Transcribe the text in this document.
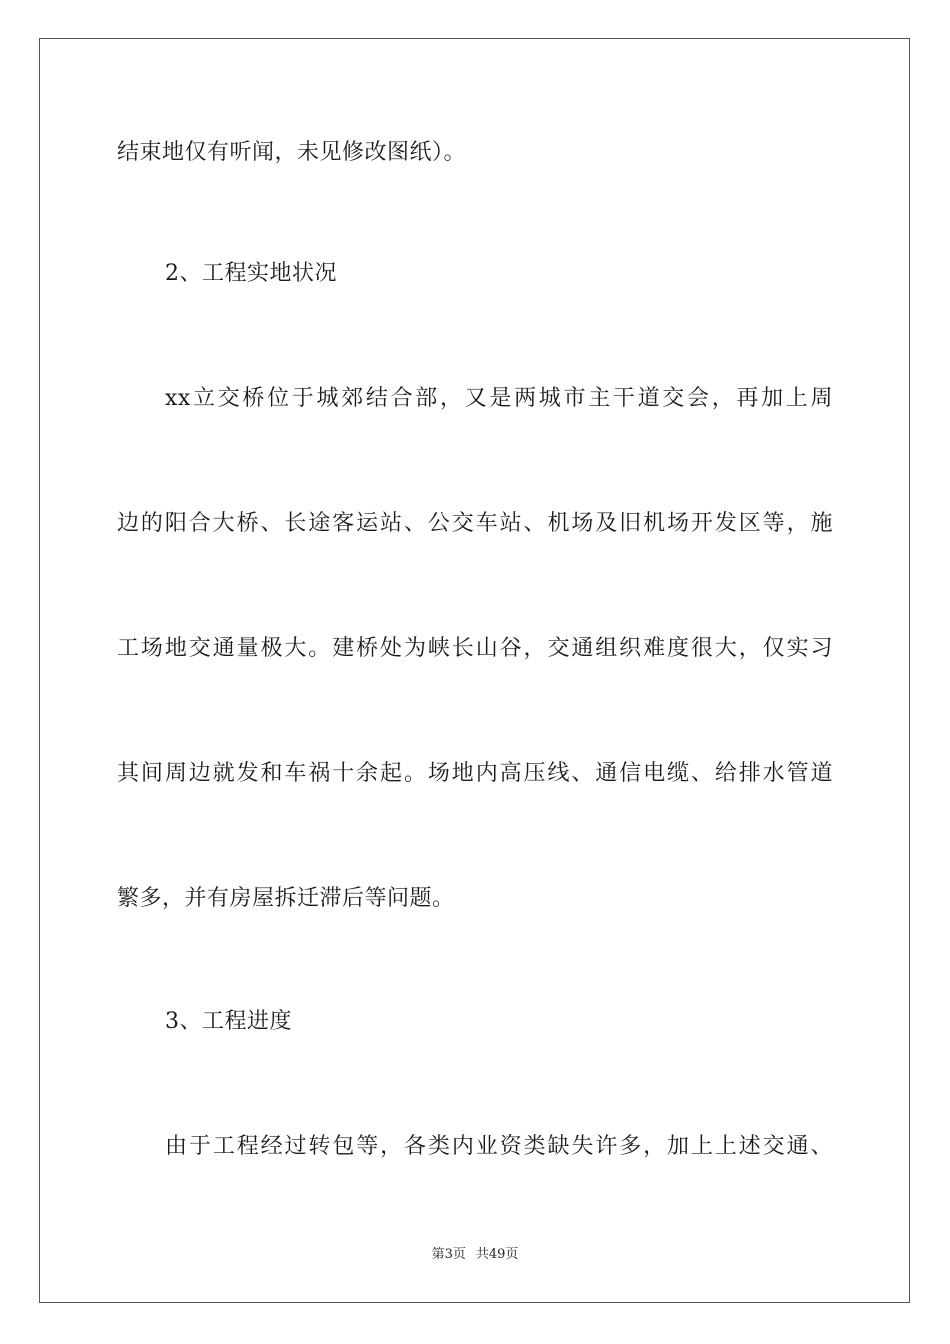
结束地仅有听闻，未见修改图纸）。
2、工程实地状况
xx立交桥位于城郊结合部，又是两城市主干道交会，再加上周
边的阳合大桥、长途客运站、公交车站、机场及旧机场开发区等，施
工场地交通量极大。建桥处为峡长山谷，交通组织难度很大，仅实习
其间周边就发和车祸十余起。场地内高压线、通信电缆、给排水管道
繁多，并有房屋拆迁滞后等问题。
3、工程进度
由于工程经过转包等，各类内业资类缺失许多，加上上述交通、
第3页 共49页
